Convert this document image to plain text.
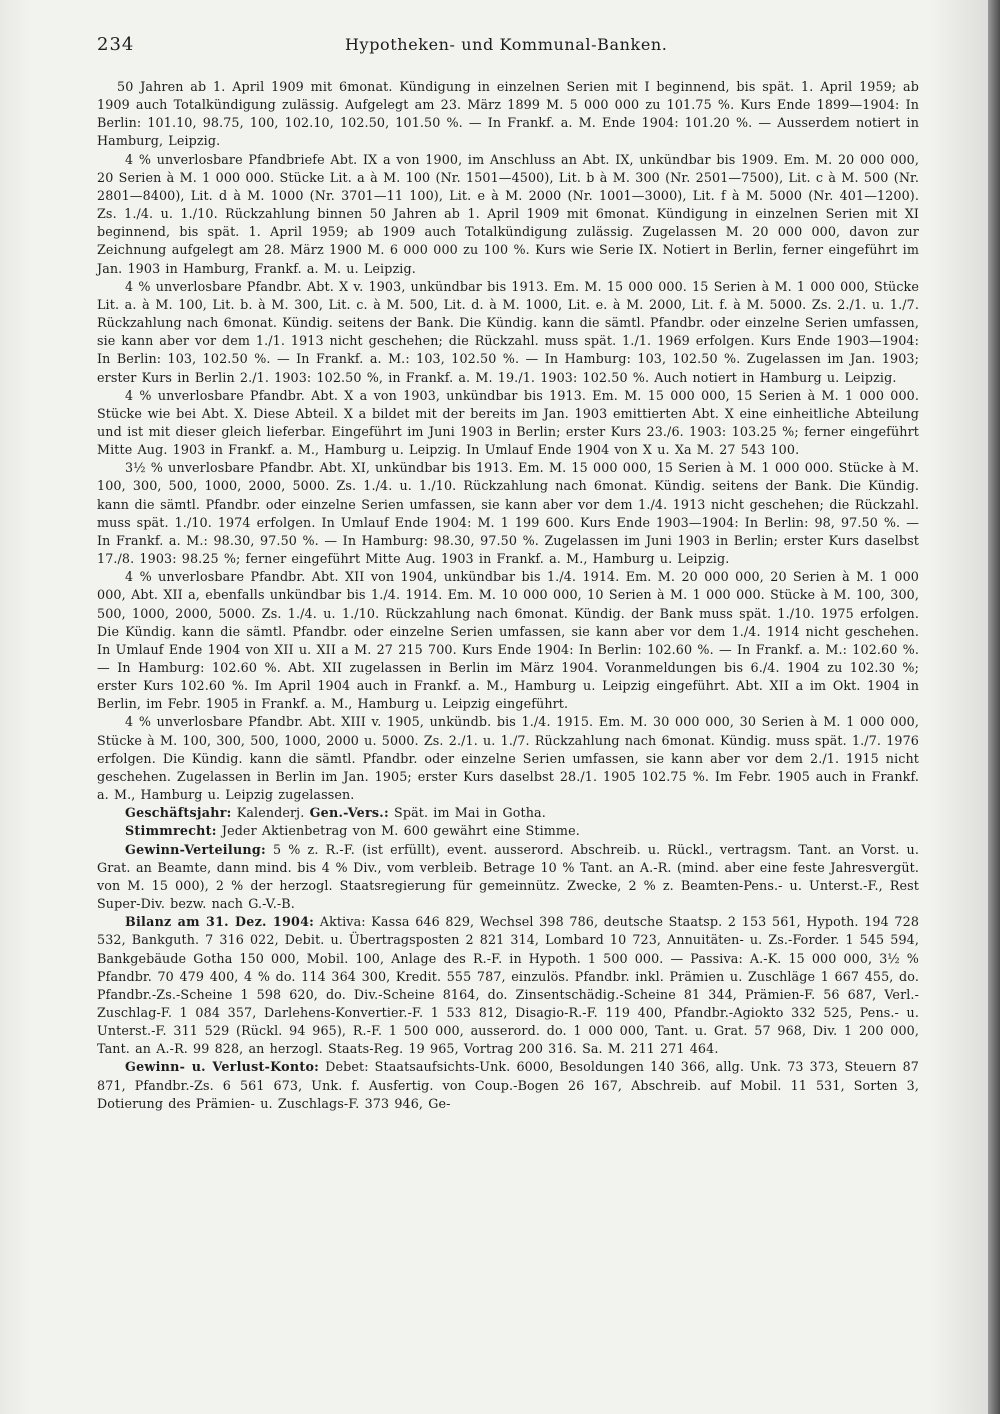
234	Hypotheken- und Kommunal-Banken.

50 Jahren ab 1. April 1909 mit 6monat. Kündigung in einzelnen Serien mit I beginnend, bis spät. 1. April 1959; ab 1909 auch Totalkündigung zulässig. Aufgelegt am 23. März 1899 M. 5 000 000 zu 101.75 %. Kurs Ende 1899—1904: In Berlin: 101.10, 98.75, 100, 102.10, 102.50, 101.50 %. — In Frankf. a. M. Ende 1904: 101.20 %. — Ausserdem notiert in Hamburg, Leipzig.

4 % unverlosbare Pfandbriefe Abt. IX a von 1900, im Anschluss an Abt. IX, unkündbar bis 1909. Em. M. 20 000 000, 20 Serien à M. 1 000 000. Stücke Lit. a à M. 100 (Nr. 1501—4500), Lit. b à M. 300 (Nr. 2501—7500), Lit. c à M. 500 (Nr. 2801—8400), Lit. d à M. 1000 (Nr. 3701—11 100), Lit. e à M. 2000 (Nr. 1001—3000), Lit. f à M. 5000 (Nr. 401—1200). Zs. 1./4. u. 1./10. Rückzahlung binnen 50 Jahren ab 1. April 1909 mit 6monat. Kündigung in einzelnen Serien mit XI beginnend, bis spät. 1. April 1959; ab 1909 auch Totalkündigung zulässig. Zugelassen M. 20 000 000, davon zur Zeichnung aufgelegt am 28. März 1900 M. 6 000 000 zu 100 %. Kurs wie Serie IX. Notiert in Berlin, ferner eingeführt im Jan. 1903 in Hamburg, Frankf. a. M. u. Leipzig.

4 % unverlosbare Pfandbr. Abt. X v. 1903, unkündbar bis 1913. Em. M. 15 000 000. 15 Serien à M. 1 000 000, Stücke Lit. a. à M. 100, Lit. b. à M. 300, Lit. c. à M. 500, Lit. d. à M. 1000, Lit. e. à M. 2000, Lit. f. à M. 5000. Zs. 2./1. u. 1./7. Rückzahlung nach 6monat. Kündig. seitens der Bank. Die Kündig. kann die sämtl. Pfandbr. oder einzelne Serien umfassen, sie kann aber vor dem 1./1. 1913 nicht geschehen; die Rückzahl. muss spät. 1./1. 1969 erfolgen. Kurs Ende 1903—1904: In Berlin: 103, 102.50 %. — In Frankf. a. M.: 103, 102.50 %. — In Hamburg: 103, 102.50 %. Zugelassen im Jan. 1903; erster Kurs in Berlin 2./1. 1903: 102.50 %, in Frankf. a. M. 19./1. 1903: 102.50 %. Auch notiert in Hamburg u. Leipzig.

4 % unverlosbare Pfandbr. Abt. X a von 1903, unkündbar bis 1913. Em. M. 15 000 000, 15 Serien à M. 1 000 000. Stücke wie bei Abt. X. Diese Abteil. X a bildet mit der bereits im Jan. 1903 emittierten Abt. X eine einheitliche Abteilung und ist mit dieser gleich lieferbar. Eingeführt im Juni 1903 in Berlin; erster Kurs 23./6. 1903: 103.25 %; ferner eingeführt Mitte Aug. 1903 in Frankf. a. M., Hamburg u. Leipzig. In Umlauf Ende 1904 von X u. Xa M. 27 543 100.

3½ % unverlosbare Pfandbr. Abt. XI, unkündbar bis 1913. Em. M. 15 000 000, 15 Serien à M. 1 000 000. Stücke à M. 100, 300, 500, 1000, 2000, 5000. Zs. 1./4. u. 1./10. Rückzahlung nach 6monat. Kündig. seitens der Bank. Die Kündig. kann die sämtl. Pfandbr. oder einzelne Serien umfassen, sie kann aber vor dem 1./4. 1913 nicht geschehen; die Rückzahl. muss spät. 1./10. 1974 erfolgen. In Umlauf Ende 1904: M. 1 199 600. Kurs Ende 1903—1904: In Berlin: 98, 97.50 %. — In Frankf. a. M.: 98.30, 97.50 %. — In Hamburg: 98.30, 97.50 %. Zugelassen im Juni 1903 in Berlin; erster Kurs daselbst 17./8. 1903: 98.25 %; ferner eingeführt Mitte Aug. 1903 in Frankf. a. M., Hamburg u. Leipzig.

4 % unverlosbare Pfandbr. Abt. XII von 1904, unkündbar bis 1./4. 1914. Em. M. 20 000 000, 20 Serien à M. 1 000 000, Abt. XII a, ebenfalls unkündbar bis 1./4. 1914. Em. M. 10 000 000, 10 Serien à M. 1 000 000. Stücke à M. 100, 300, 500, 1000, 2000, 5000. Zs. 1./4. u. 1./10. Rückzahlung nach 6monat. Kündig. der Bank muss spät. 1./10. 1975 erfolgen. Die Kündig. kann die sämtl. Pfandbr. oder einzelne Serien umfassen, sie kann aber vor dem 1./4. 1914 nicht geschehen. In Umlauf Ende 1904 von XII u. XII a M. 27 215 700. Kurs Ende 1904: In Berlin: 102.60 %. — In Frankf. a. M.: 102.60 %. — In Hamburg: 102.60 %. Abt. XII zugelassen in Berlin im März 1904. Voranmeldungen bis 6./4. 1904 zu 102.30 %; erster Kurs 102.60 %. Im April 1904 auch in Frankf. a. M., Hamburg u. Leipzig eingeführt. Abt. XII a im Okt. 1904 in Berlin, im Febr. 1905 in Frankf. a. M., Hamburg u. Leipzig eingeführt.

4 % unverlosbare Pfandbr. Abt. XIII v. 1905, unkündb. bis 1./4. 1915. Em. M. 30 000 000, 30 Serien à M. 1 000 000, Stücke à M. 100, 300, 500, 1000, 2000 u. 5000. Zs. 2./1. u. 1./7. Rückzahlung nach 6monat. Kündig. muss spät. 1./7. 1976 erfolgen. Die Kündig. kann die sämtl. Pfandbr. oder einzelne Serien umfassen, sie kann aber vor dem 2./1. 1915 nicht geschehen. Zugelassen in Berlin im Jan. 1905; erster Kurs daselbst 28./1. 1905 102.75 %. Im Febr. 1905 auch in Frankf. a. M., Hamburg u. Leipzig zugelassen.

Geschäftsjahr: Kalenderj. Gen.-Vers.: Spät. im Mai in Gotha.

Stimmrecht: Jeder Aktienbetrag von M. 600 gewährt eine Stimme.

Gewinn-Verteilung: 5 % z. R.-F. (ist erfüllt), event. ausserord. Abschreib. u. Rückl., vertragsm. Tant. an Vorst. u. Grat. an Beamte, dann mind. bis 4 % Div., vom verbleib. Betrage 10 % Tant. an A.-R. (mind. aber eine feste Jahresvergüt. von M. 15 000), 2 % der herzogl. Staatsregierung für gemeinnütz. Zwecke, 2 % z. Beamten-Pens.- u. Unterst.-F., Rest Super-Div. bezw. nach G.-V.-B.

Bilanz am 31. Dez. 1904: Aktiva: Kassa 646 829, Wechsel 398 786, deutsche Staatsp. 2 153 561, Hypoth. 194 728 532, Bankguth. 7 316 022, Debit. u. Übertragsposten 2 821 314, Lombard 10 723, Annuitäten- u. Zs.-Forder. 1 545 594, Bankgebäude Gotha 150 000, Mobil. 100, Anlage des R.-F. in Hypoth. 1 500 000. — Passiva: A.-K. 15 000 000, 3½ % Pfandbr. 70 479 400, 4 % do. 114 364 300, Kredit. 555 787, einzulös. Pfandbr. inkl. Prämien u. Zuschläge 1 667 455, do. Pfandbr.-Zs.-Scheine 1 598 620, do. Div.-Scheine 8164, do. Zinsentschädig.-Scheine 81 344, Prämien-F. 56 687, Verl.-Zuschlag-F. 1 084 357, Darlehens-Konvertier.-F. 1 533 812, Disagio-R.-F. 119 400, Pfandbr.-Agiokto 332 525, Pens.- u. Unterst.-F. 311 529 (Rückl. 94 965), R.-F. 1 500 000, ausserord. do. 1 000 000, Tant. u. Grat. 57 968, Div. 1 200 000, Tant. an A.-R. 99 828, an herzogl. Staats-Reg. 19 965, Vortrag 200 316. Sa. M. 211 271 464.

Gewinn- u. Verlust-Konto: Debet: Staatsaufsichts-Unk. 6000, Besoldungen 140 366, allg. Unk. 73 373, Steuern 87 871, Pfandbr.-Zs. 6 561 673, Unk. f. Ausfertig. von Coup.-Bogen 26 167, Abschreib. auf Mobil. 11 531, Sorten 3, Dotierung des Prämien- u. Zuschlags-F. 373 946, Ge-
